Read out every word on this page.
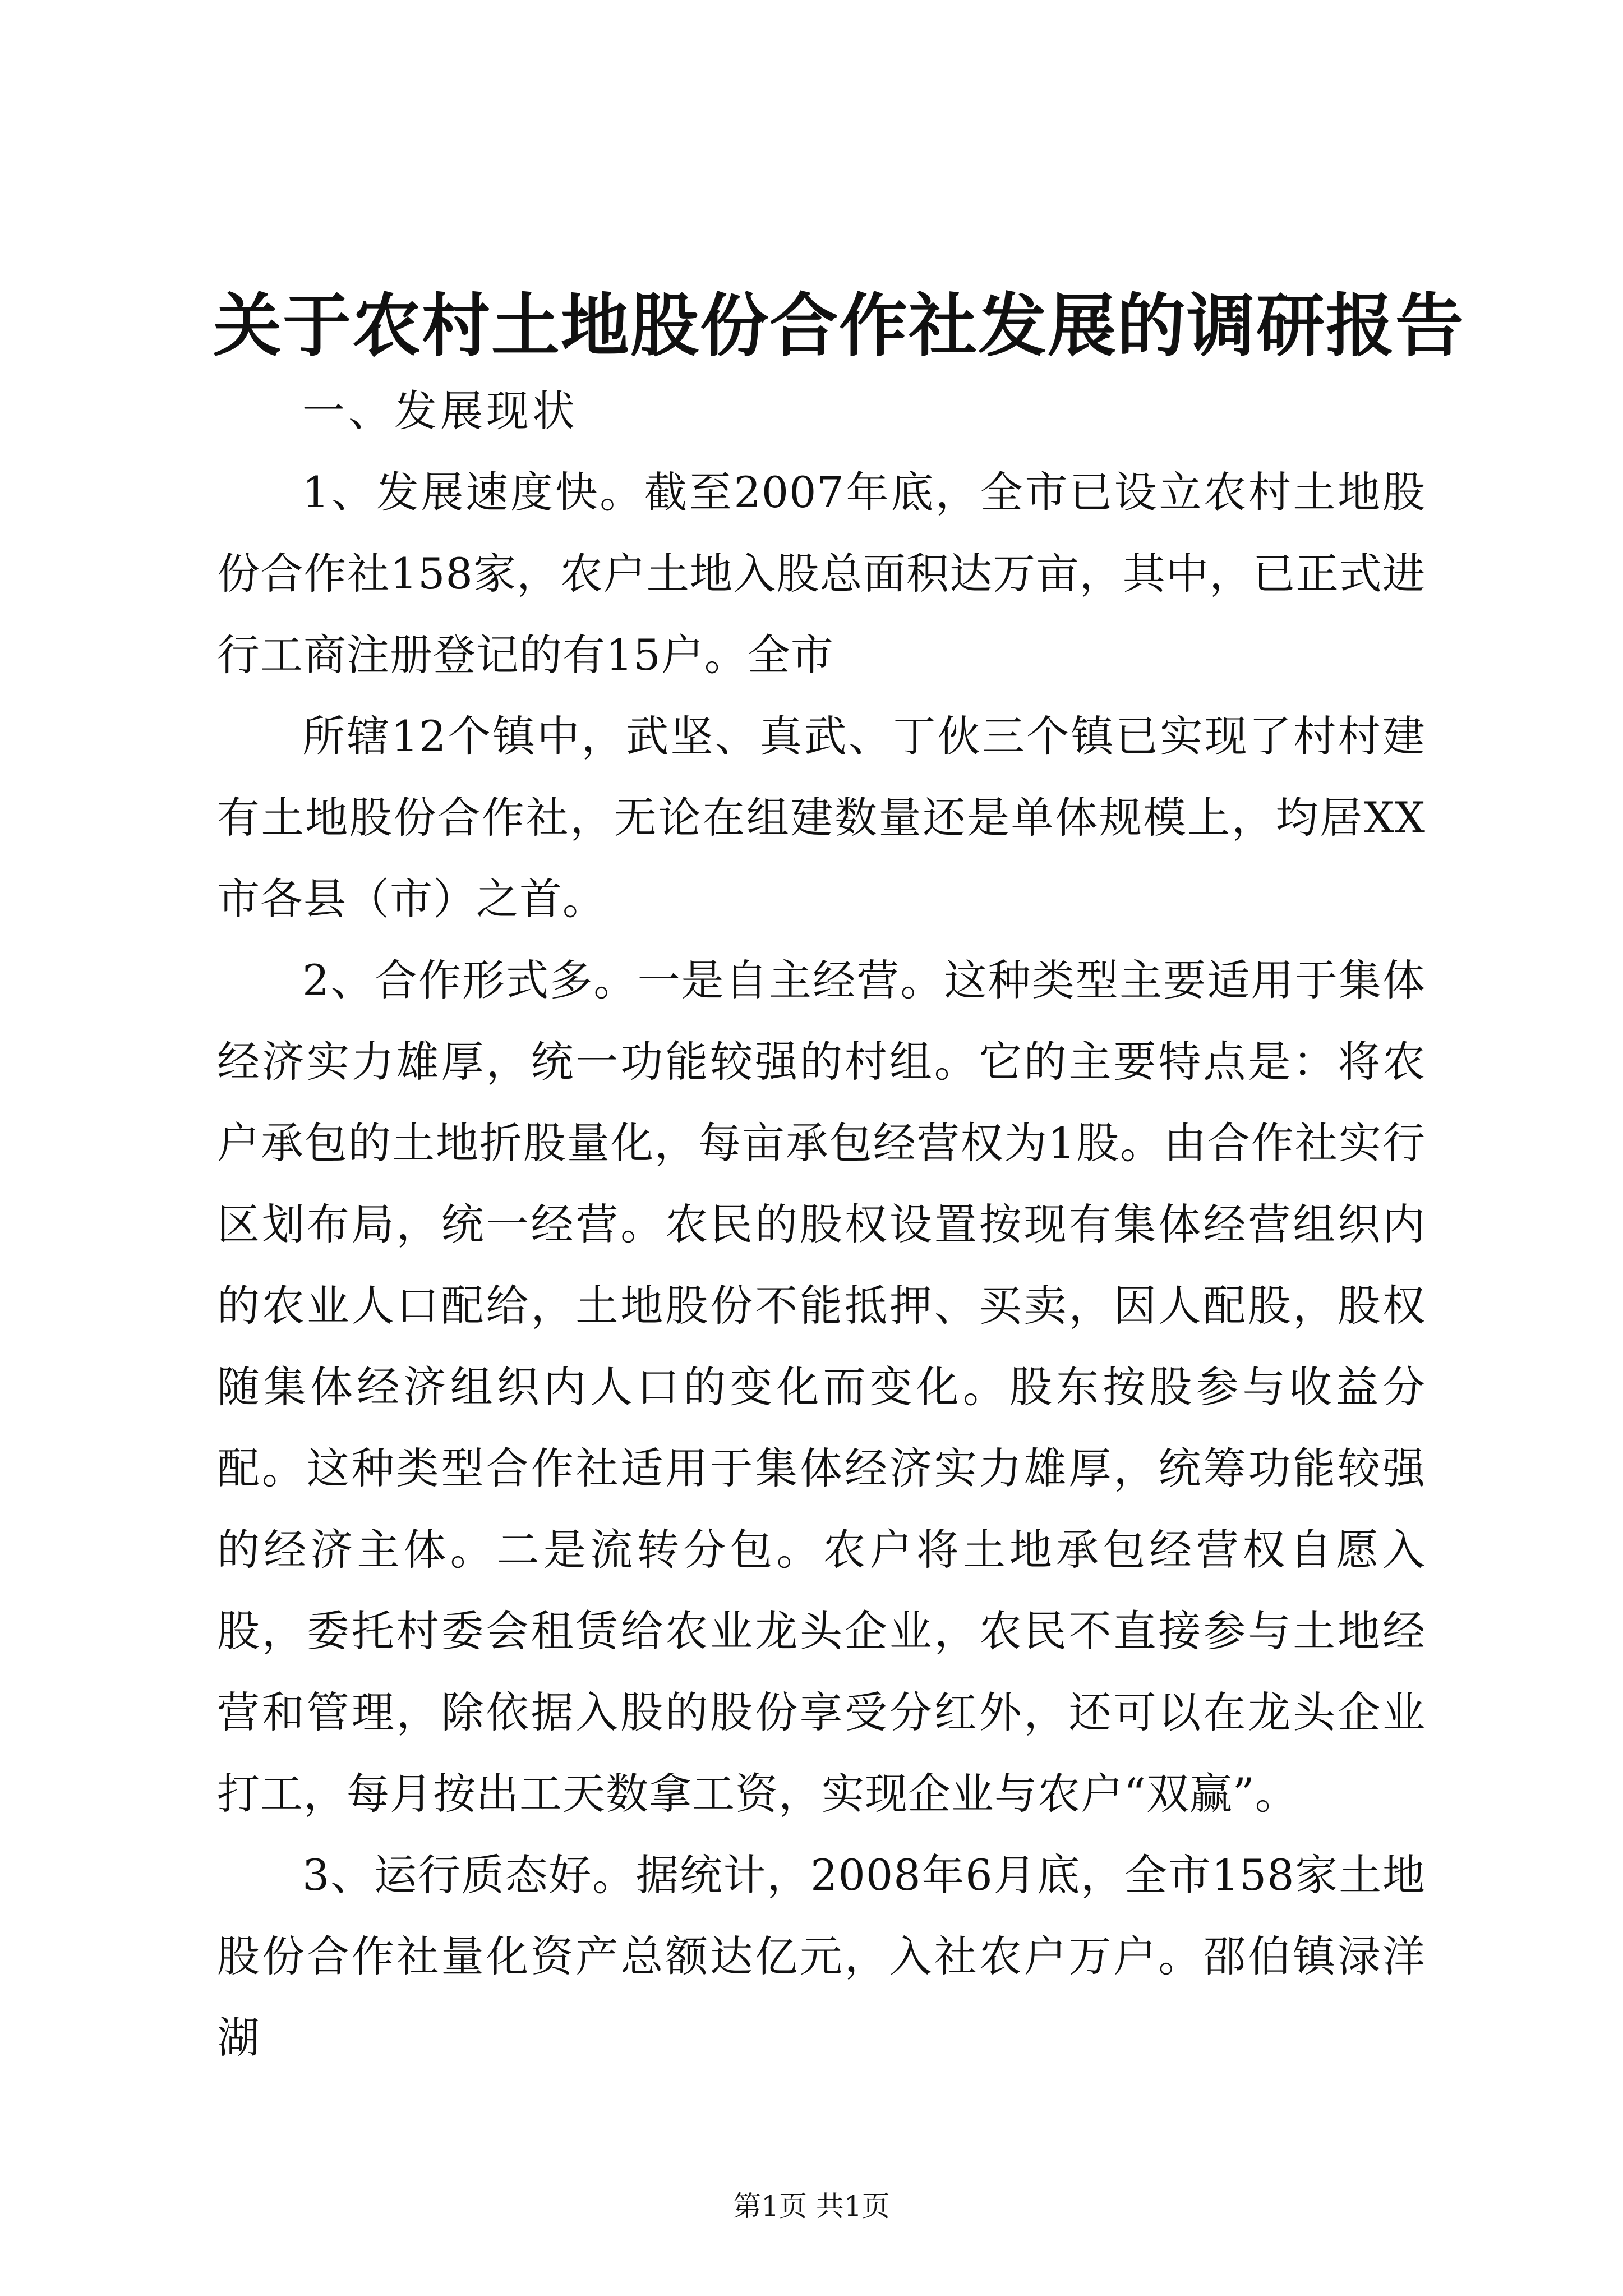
关于农村土地股份合作社发展的调研报告

一、发展现状

1、发展速度快。截至2007年底，全市已设立农村土地股份合作社158家，农户土地入股总面积达万亩，其中，已正式进行工商注册登记的有15户。全市

所辖12个镇中，武坚、真武、丁伙三个镇已实现了村村建有土地股份合作社，无论在组建数量还是单体规模上，均居XX市各县（市）之首。

2、合作形式多。一是自主经营。这种类型主要适用于集体经济实力雄厚，统一功能较强的村组。它的主要特点是：将农户承包的土地折股量化，每亩承包经营权为1股。由合作社实行区划布局，统一经营。农民的股权设置按现有集体经营组织内的农业人口配给，土地股份不能抵押、买卖，因人配股，股权随集体经济组织内人口的变化而变化。股东按股参与收益分配。这种类型合作社适用于集体经济实力雄厚，统筹功能较强的经济主体。二是流转分包。农户将土地承包经营权自愿入股，委托村委会租赁给农业龙头企业，农民不直接参与土地经营和管理，除依据入股的股份享受分红外，还可以在龙头企业打工，每月按出工天数拿工资，实现企业与农户“双赢”。

3、运行质态好。据统计，2008年6月底，全市158家土地股份合作社量化资产总额达亿元，入社农户万户。邵伯镇渌洋湖

第1页 共1页
